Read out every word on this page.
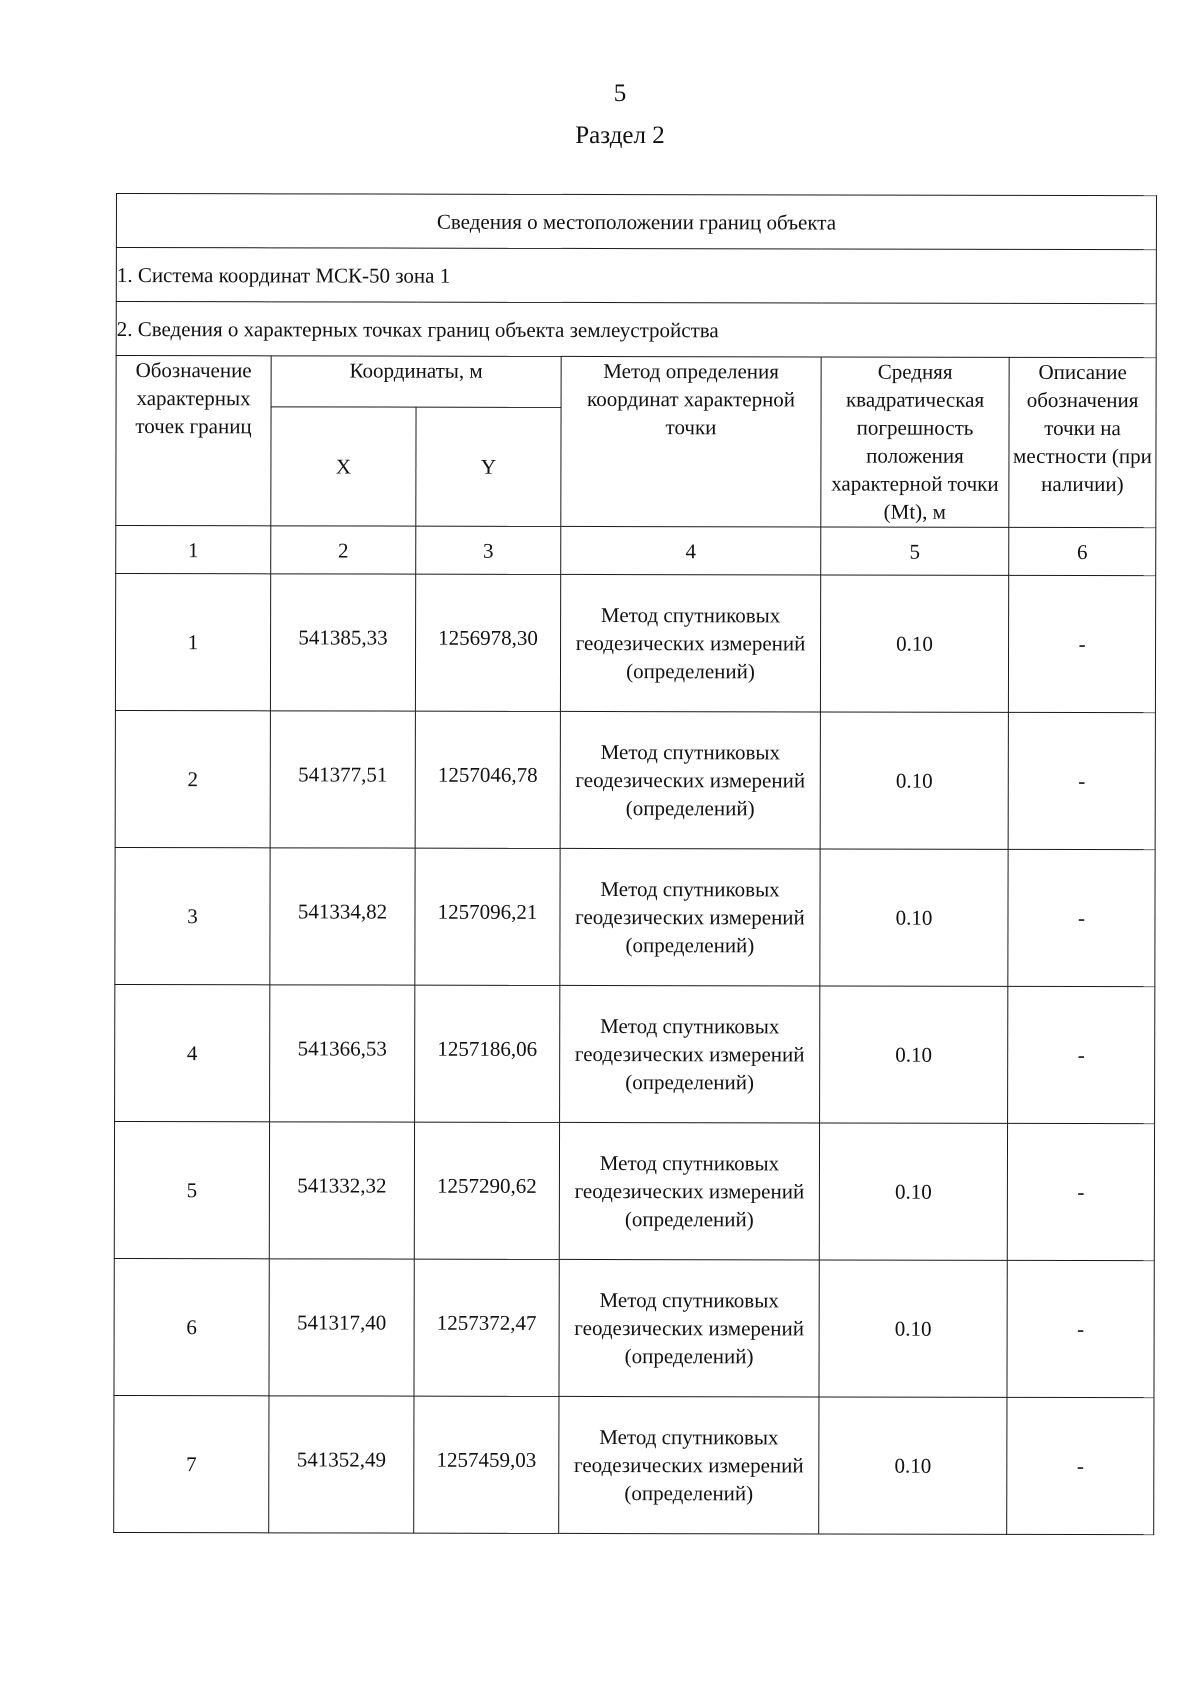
5
Раздел 2
Сведения о местоположении границ объекта					
1. Система координат МСК-50 зона 1					
2. Сведения о характерных точках границ объекта землеустройства					
Обозначение характерных точек границ	Координаты, м		Метод определения координат характерной точки	Средняя квадратическая погрешность положения характерной точки (Mt), м	Описание обозначения точки на местности (при наличии)
	X	Y			
1	2	3	4	5	6
1	541385,33	1256978,30	Метод спутниковых геодезических измерений (определений)	0.10	-
2	541377,51	1257046,78	Метод спутниковых геодезических измерений (определений)	0.10	-
3	541334,82	1257096,21	Метод спутниковых геодезических измерений (определений)	0.10	-
4	541366,53	1257186,06	Метод спутниковых геодезических измерений (определений)	0.10	-
5	541332,32	1257290,62	Метод спутниковых геодезических измерений (определений)	0.10	-
6	541317,40	1257372,47	Метод спутниковых геодезических измерений (определений)	0.10	-
7	541352,49	1257459,03	Метод спутниковых геодезических измерений (определений)	0.10	-
